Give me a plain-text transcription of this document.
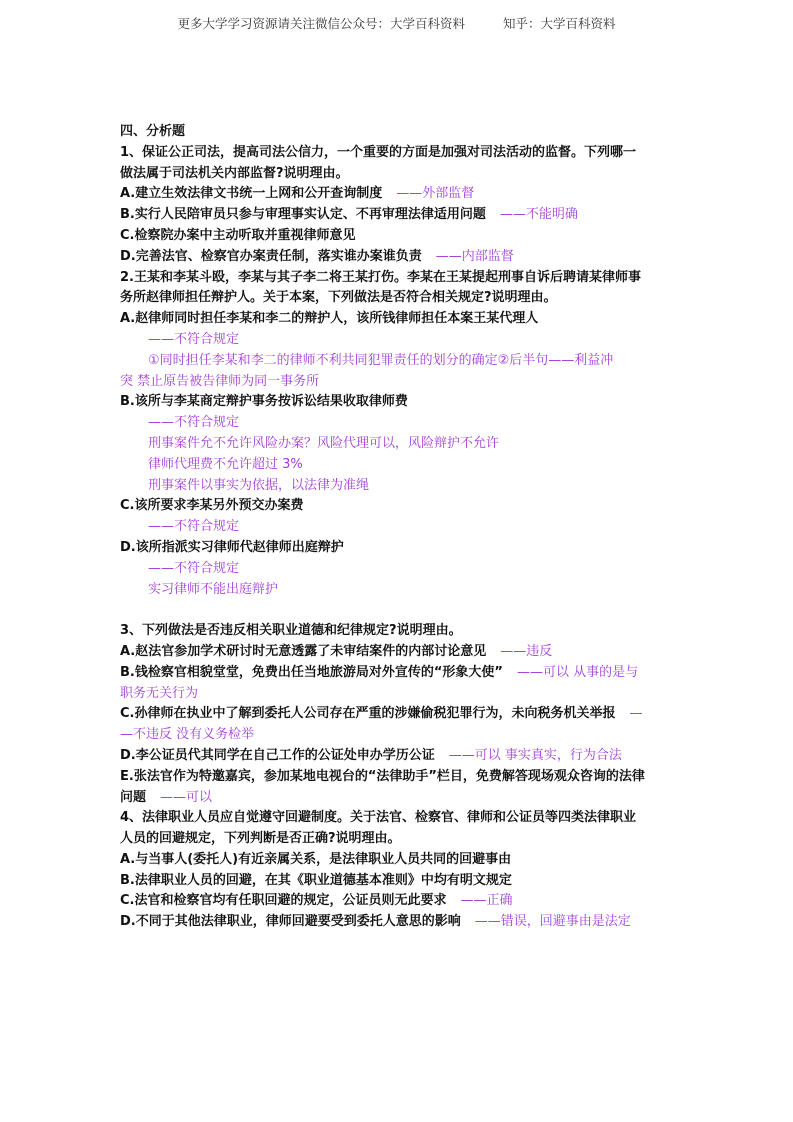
更多大学学习资源请关注微信公众号：大学百科资料	知乎：大学百科资料

四、分析题

1、保证公正司法，提高司法公信力，一个重要的方面是加强对司法活动的监督。下列哪一

做法属于司法机关内部监督?说明理由。

A.建立生效法律文书统一上网和公开查询制度 ——外部监督

B.实行人民陪审员只参与审理事实认定、不再审理法律适用问题 ——不能明确

C.检察院办案中主动听取并重视律师意见

D.完善法官、检察官办案责任制，落实谁办案谁负责 ——内部监督

2.王某和李某斗殴，李某与其子李二将王某打伤。李某在王某提起刑事自诉后聘请某律师事

务所赵律师担任辩护人。关于本案，下列做法是否符合相关规定?说明理由。

A.赵律师同时担任李某和李二的辩护人，该所钱律师担任本案王某代理人

——不符合规定

①同时担任李某和李二的律师不利共同犯罪责任的划分的确定②后半句——利益冲

突 禁止原告被告律师为同一事务所

B.该所与李某商定辩护事务按诉讼结果收取律师费

——不符合规定

刑事案件允不允许风险办案？风险代理可以，风险辩护不允许

律师代理费不允许超过 3%

刑事案件以事实为依据，以法律为准绳

C.该所要求李某另外预交办案费

——不符合规定

D.该所指派实习律师代赵律师出庭辩护

——不符合规定

实习律师不能出庭辩护

3、下列做法是否违反相关职业道德和纪律规定?说明理由。

A.赵法官参加学术研讨时无意透露了未审结案件的内部讨论意见 ——违反

B.钱检察官相貌堂堂，免费出任当地旅游局对外宣传的“形象大使” ——可以 从事的是与

职务无关行为

C.孙律师在执业中了解到委托人公司存在严重的涉嫌偷税犯罪行为，未向税务机关举报 —

—不违反 没有义务检举

D.李公证员代其同学在自己工作的公证处申办学历公证 ——可以 事实真实，行为合法

E.张法官作为特邀嘉宾，参加某地电视台的“法律助手”栏目，免费解答现场观众咨询的法律

问题 ——可以

4、法律职业人员应自觉遵守回避制度。关于法官、检察官、律师和公证员等四类法律职业

人员的回避规定，下列判断是否正确?说明理由。

A.与当事人(委托人)有近亲属关系，是法律职业人员共同的回避事由

B.法律职业人员的回避，在其《职业道德基本准则》中均有明文规定

C.法官和检察官均有任职回避的规定，公证员则无此要求 ——正确

D.不同于其他法律职业，律师回避要受到委托人意思的影响 ——错误，回避事由是法定
